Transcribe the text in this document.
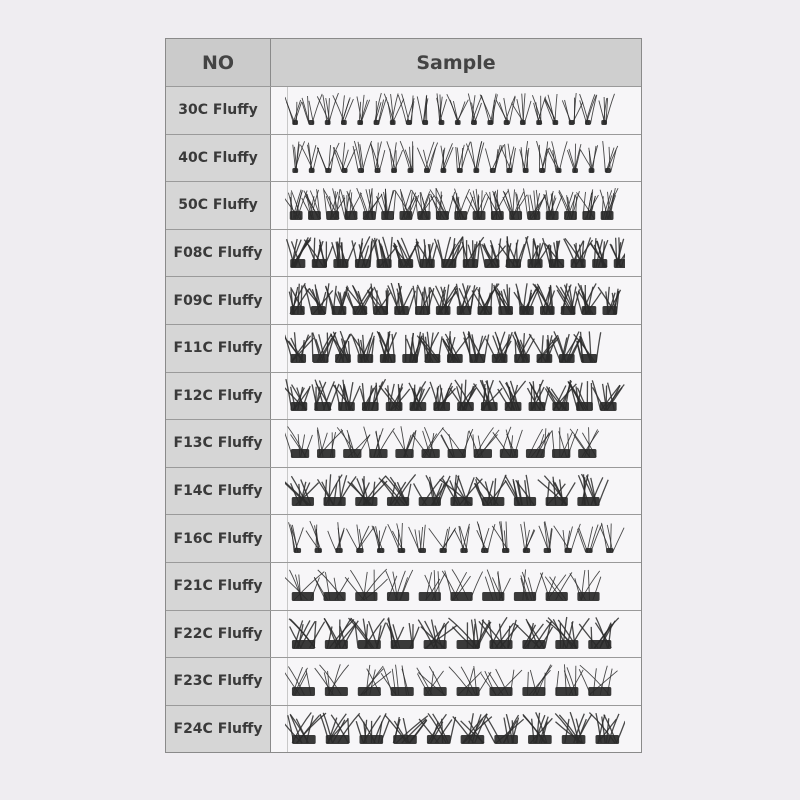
NO	Sample
30C Fluffy
40C Fluffy
50C Fluffy
F08C Fluffy
F09C Fluffy
F11C Fluffy
F12C Fluffy
F13C Fluffy
F14C Fluffy
F16C Fluffy
F21C Fluffy
F22C Fluffy
F23C Fluffy
F24C Fluffy
